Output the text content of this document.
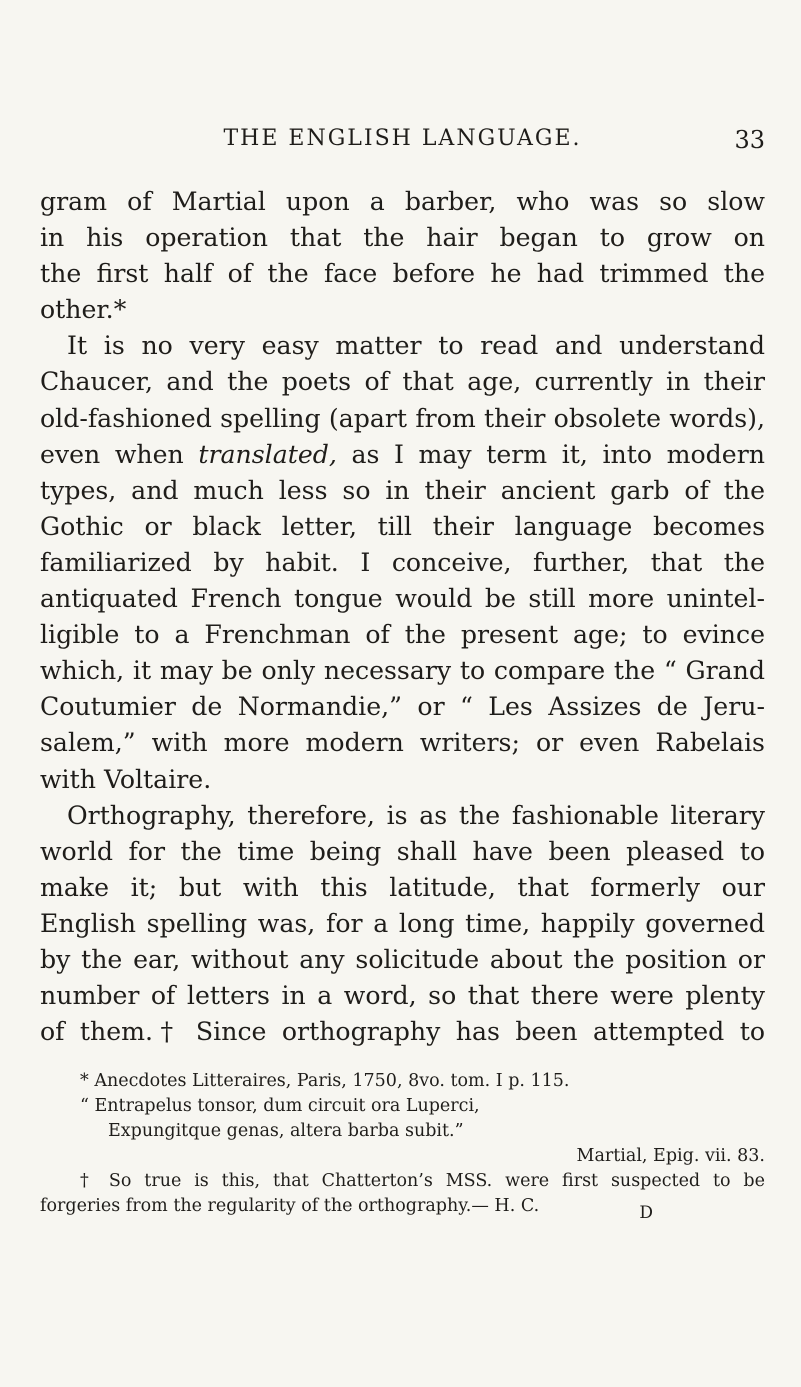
THE ENGLISH LANGUAGE.	33
gram of Martial upon a barber, who was so slow
in his operation that the hair began to grow on
the first half of the face before he had trimmed the
other.*
It is no very easy matter to read and understand
Chaucer, and the poets of that age, currently in their
old-fashioned spelling (apart from their obsolete words),
even when translated, as I may term it, into modern
types, and much less so in their ancient garb of the
Gothic or black letter, till their language becomes
familiarized by habit. I conceive, further, that the
antiquated French tongue would be still more unintel-
ligible to a Frenchman of the present age; to evince
which, it may be only necessary to compare the “ Grand
Coutumier de Normandie,” or “ Les Assizes de Jeru-
salem,” with more modern writers; or even Rabelais
with Voltaire.
Orthography, therefore, is as the fashionable literary
world for the time being shall have been pleased to
make it; but with this latitude, that formerly our
English spelling was, for a long time, happily governed
by the ear, without any solicitude about the position or
number of letters in a word, so that there were plenty
of them.† Since orthography has been attempted to
* Anecdotes Litteraires, Paris, 1750, 8vo. tom. I p. 115.
“ Entrapelus tonsor, dum circuit ora Luperci,
Expungitque genas, altera barba subit.”
Martial, Epig. vii. 83.
† So true is this, that Chatterton’s MSS. were first suspected to be
forgeries from the regularity of the orthography.— H. C.	D
